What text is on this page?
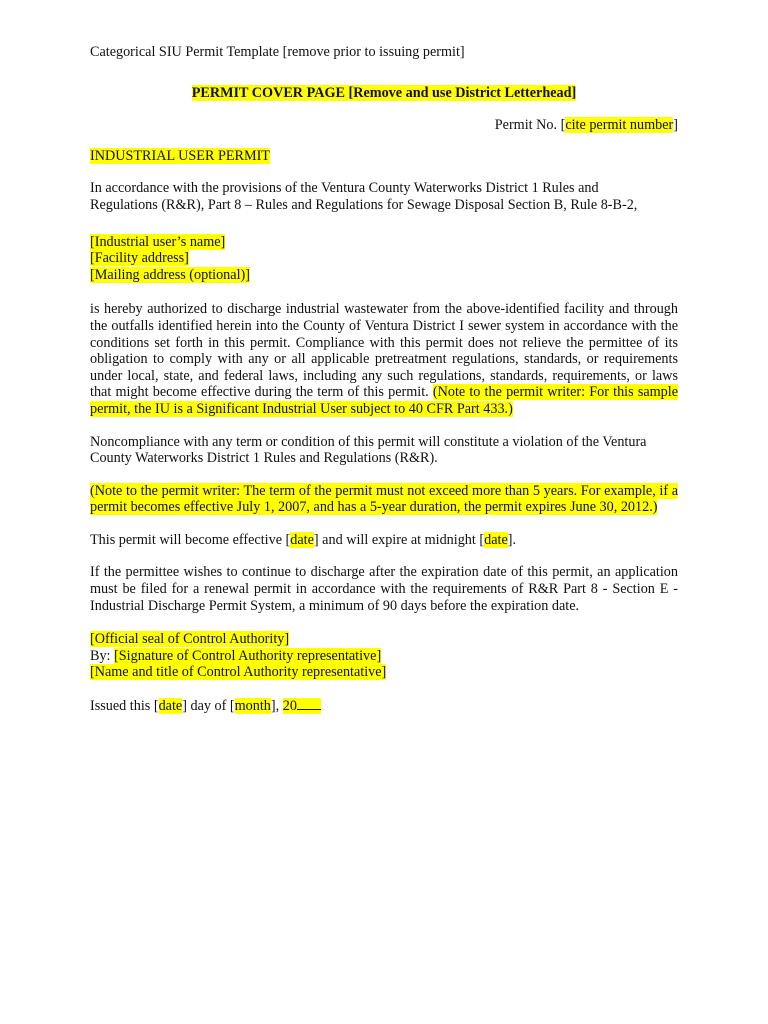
Categorical SIU Permit Template [remove prior to issuing permit]

PERMIT COVER PAGE [Remove and use District Letterhead]

Permit No. [cite permit number]

INDUSTRIAL USER PERMIT

In accordance with the provisions of the Ventura County Waterworks District 1 Rules and Regulations (R&R), Part 8 – Rules and Regulations for Sewage Disposal Section B, Rule 8-B-2,

[Industrial user’s name]
[Facility address]
[Mailing address (optional)]

is hereby authorized to discharge industrial wastewater from the above-identified facility and through the outfalls identified herein into the County of Ventura District I sewer system in accordance with the conditions set forth in this permit. Compliance with this permit does not relieve the permittee of its obligation to comply with any or all applicable pretreatment regulations, standards, or requirements under local, state, and federal laws, including any such regulations, standards, requirements, or laws that might become effective during the term of this permit. (Note to the permit writer: For this sample permit, the IU is a Significant Industrial User subject to 40 CFR Part 433.)

Noncompliance with any term or condition of this permit will constitute a violation of the Ventura County Waterworks District 1 Rules and Regulations (R&R).

(Note to the permit writer: The term of the permit must not exceed more than 5 years. For example, if a permit becomes effective July 1, 2007, and has a 5-year duration, the permit expires June 30, 2012.)

This permit will become effective [date] and will expire at midnight [date].

If the permittee wishes to continue to discharge after the expiration date of this permit, an application must be filed for a renewal permit in accordance with the requirements of R&R Part 8 - Section E - Industrial Discharge Permit System, a minimum of 90 days before the expiration date.

[Official seal of Control Authority]
By: [Signature of Control Authority representative]
[Name and title of Control Authority representative]

Issued this [date] day of [month], 20
